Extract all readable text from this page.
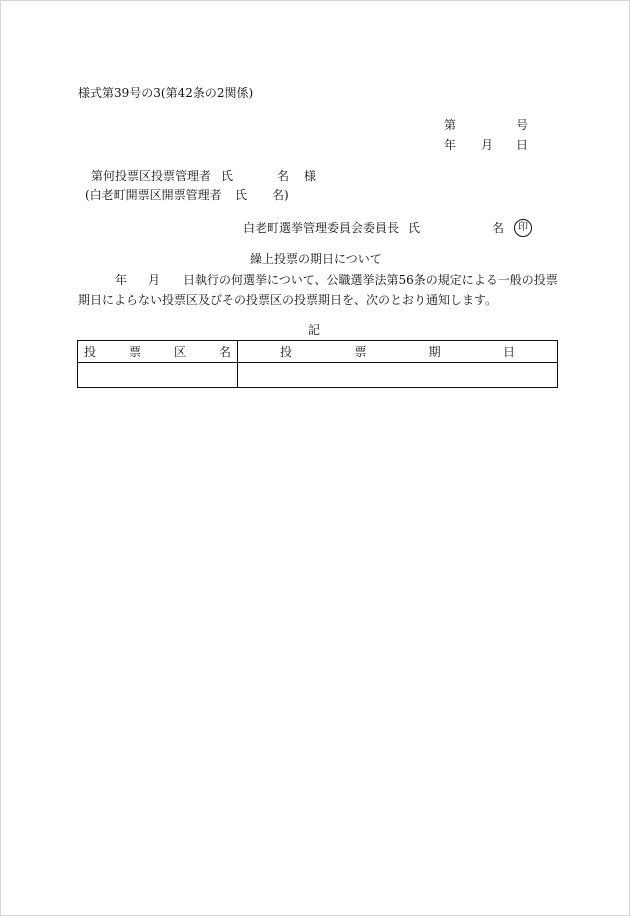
様式第39号の3(第42条の2関係)
第	号
年 月 日
第何投票区投票管理者 氏	名 様
(白老町開票区開票管理者 氏 名)
白老町選挙管理委員会委員長 氏	名	印
繰上投票の期日について
年 月 日執行の何選挙について、公職選挙法第56条の規定による一般の投票
期日によらない投票区及びその投票区の投票期日を、次のとおり通知します。
記
投 票 区 名	投 票 期 日
